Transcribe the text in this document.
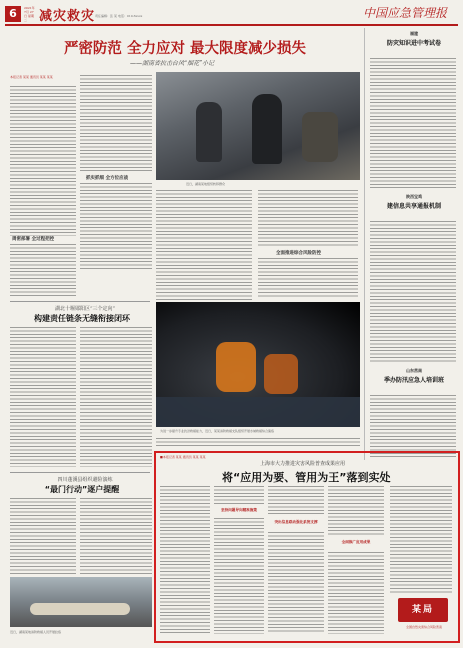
6	2021年 7月 27日 星期二 减灾救灾 责任编辑：张 某 电话：010-6xxxx	中国应急管理报
严密防范 全力应对 最大限度减少损失
——湖南省抗击台风“烟花”小记
福建
防灾知识进中考试卷
陕西宝鸡
建信息共享通报机制
山东莒南
季办防汛应急人培训班
本报记者 某某 通讯员 某某 某某
周密部署 全过程把控
抓实抓细 全方位应战
近日，湖南某地组织转移群众
全面推进综合风险防控
湖北十堰郧阳区“三个定向”
构建责任链条无缝衔接闭环
四川蓬溪县组织避险演练
“最门行动”逐户提醒
近日，湖南某地消防救援人员开展拉练
为进一步提升专业抗洪救援能力，近日，某某消防救援支队组织开展水域救援综合演练
■本报记者 某某 通讯员 某某 某某
上海市大力推进灾害风险普查成果应用
将“应用为要、管用为王”落到实处
坚持问题导向精准施策
突出信息联动强化系统支撑
全面推广应用成果
某局
全国自然灾害综合风险普查
